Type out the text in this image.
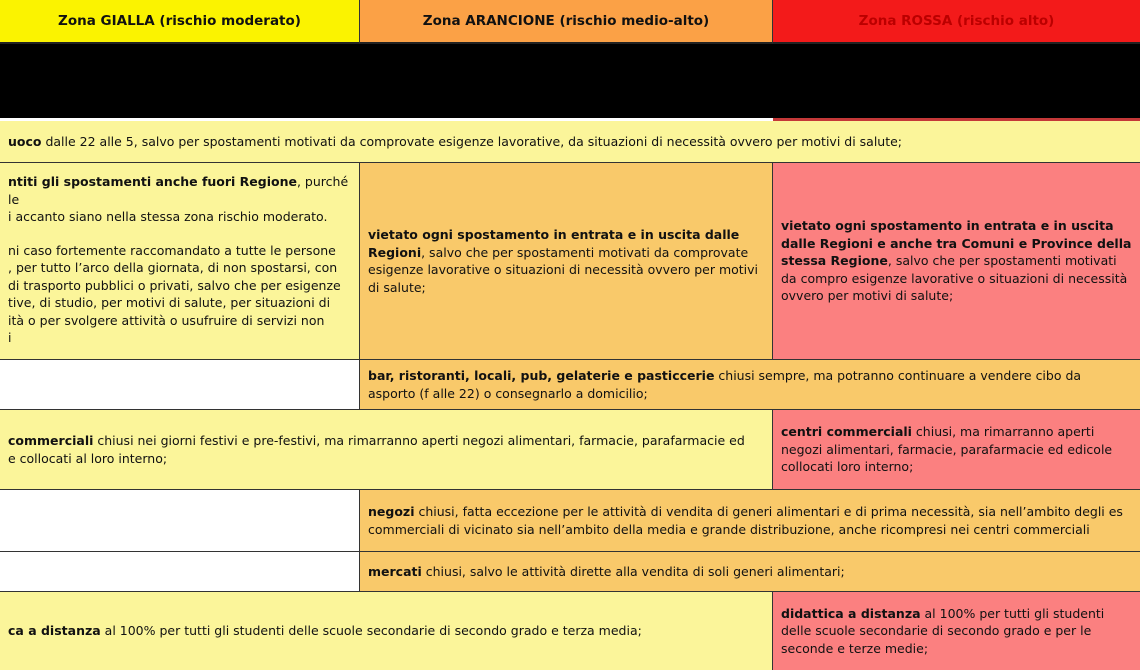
Zona GIALLA (rischio moderato)	Zona ARANCIONE (rischio medio-alto)	Zona ROSSA (rischio alto)
uoco dalle 22 alle 5, salvo per spostamenti motivati da comprovate esigenze lavorative, da situazioni di necessità ovvero per motivi di salute;
ntiti gli spostamenti anche fuori Regione, purché le
i accanto siano nella stessa zona rischio moderato.
ni caso fortemente raccomandato a tutte le persone
, per tutto l’arco della giornata, di non spostarsi, con
di trasporto pubblici o privati, salvo che per esigenze
tive, di studio, per motivi di salute, per situazioni di
ità o per svolgere attività o usufruire di servizi non
i
vietato ogni spostamento in entrata e in uscita dalle Regioni, salvo che per spostamenti motivati da comprovate esigenze lavorative o situazioni di necessità ovvero per motivi di salute;
vietato ogni spostamento in entrata e in uscita dalle Regioni e anche tra Comuni e Province della stessa Regione, salvo che per spostamenti motivati da compro esigenze lavorative o situazioni di necessità ovvero per motivi di salute;
bar, ristoranti, locali, pub, gelaterie e pasticcerie chiusi sempre, ma potranno continuare a vendere cibo da asporto (f alle 22) o consegnarlo a domicilio;
commerciali chiusi nei giorni festivi e pre-festivi, ma rimarranno aperti negozi alimentari, farmacie, parafarmacie ed
e collocati al loro interno;
centri commerciali chiusi, ma rimarranno aperti negozi alimentari, farmacie, parafarmacie ed edicole collocati loro interno;
negozi chiusi, fatta eccezione per le attività di vendita di generi alimentari e di prima necessità, sia nell’ambito degli es commerciali di vicinato sia nell’ambito della media e grande distribuzione, anche ricompresi nei centri commerciali
mercati chiusi, salvo le attività dirette alla vendita di soli generi alimentari;
ca a distanza al 100% per tutti gli studenti delle scuole secondarie di secondo grado e terza media;
didattica a distanza al 100% per tutti gli studenti delle scuole secondarie di secondo grado e per le seconde e terze medie;
